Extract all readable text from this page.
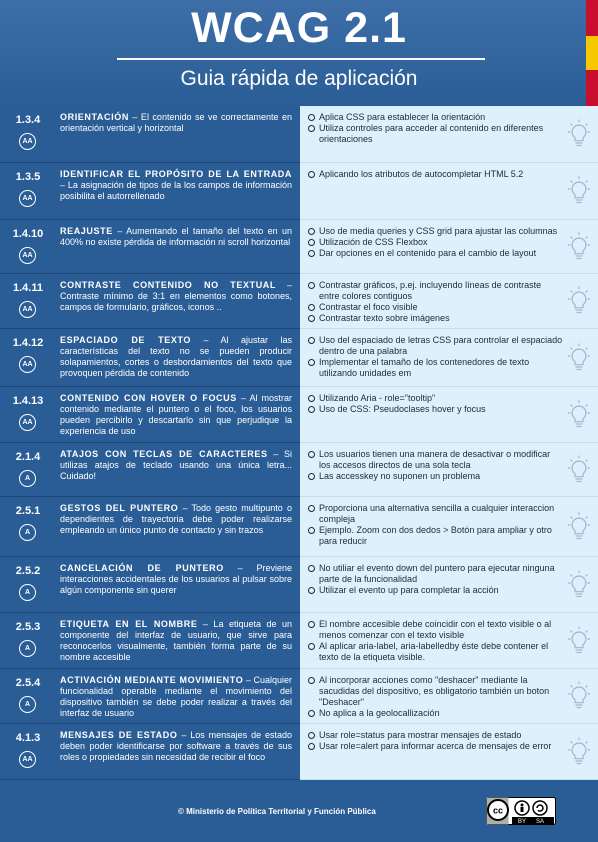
WCAG 2.1
Guia rápida de aplicación
1.3.4
AA
ORIENTACIÓN – El contenido se ve correctamente en orientación vertical y horizontal
Aplica CSS para establecer la orientación
Utiliza controles para acceder al contenido en diferentes orientaciones
1.3.5
AA
IDENTIFICAR EL PROPÓSITO DE LA ENTRADA – La asignación de tipos de la los campos de información posibilita el autorrellenado
Aplicando los atributos de autocompletar HTML 5.2
1.4.10
AA
REAJUSTE – Aumentando el tamaño del texto en un 400% no existe pérdida de información ni scroll horizontal
Uso de media queries y CSS grid para ajustar las columnas
Utilización de CSS Flexbox
Dar opciones en el contenido para el cambio de layout
1.4.11
AA
CONTRASTE CONTENIDO NO TEXTUAL – Contraste mínimo de 3:1 en elementos como botones, campos de formulario, gráficos, iconos ..
Contrastar gráficos, p.ej. incluyendo líneas de contraste entre colores contiguos
Contrastar el foco visible
Contrastar texto sobre imágenes
1.4.12
AA
ESPACIADO DE TEXTO – Al ajustar las características del texto no se pueden producir solapamientos, cortes o desbordamientos del texto que provoquen pérdida de contenido
Uso del espaciado de letras CSS para controlar el espaciado dentro de una palabra
Implementar el tamaño de los contenedores de texto utilizando unidades em
1.4.13
AA
CONTENIDO CON HOVER O FOCUS – Al mostrar contenido mediante el puntero o el foco, los usuarios pueden percibirlo y descartarlo sin que perjudique la experiencia de uso
Utilizando Aria - role="tooltip"
Uso de CSS: Pseudoclases hover y focus
2.1.4
A
ATAJOS CON TECLAS DE CARACTERES – Si utilizas atajos de teclado usando una única letra... Cuidado!
Los usuarios tienen una manera de desactivar o modificar los accesos directos de una sola tecla
Las accesskey no suponen un problema
2.5.1
A
GESTOS DEL PUNTERO – Todo gesto multipunto o dependientes de trayectoria debe poder realizarse empleando un único punto de contacto y sin trazos
Proporciona una alternativa sencilla a cualquier interaccion compleja
Ejemplo. Zoom con dos dedos > Botón para ampliar y otro para reducir
2.5.2
A
CANCELACIÓN DE PUNTERO – Previene interacciones accidentales de los usuarios al pulsar sobre algún componente sin querer
No utiliar el evento down del puntero para ejecutar ninguna parte de la funcionalidad
Utilizar el evento up para completar la acción
2.5.3
A
ETIQUETA EN EL NOMBRE – La etiqueta de un componente del interfaz de usuario, que sirve para reconocerlos visualmente, también forma parte de su nombre accesible
El nombre accesible debe coincidir con el texto visible o al menos comenzar con el texto visible
Al aplicar aria-label, aria-labelledby éste debe contener el texto de la etiqueta visible.
2.5.4
A
ACTIVACIÓN MEDIANTE MOVIMIENTO – Cualquier funcionalidad operable mediante el movimiento del dispositivo también se debe poder realizar a través del interfaz de usuario
Al incorporar acciones como "deshacer" mediante la sacudidas del dispositivo, es obligatorio también un boton "Deshacer"
No aplica a la geolocallización
4.1.3
AA
MENSAJES DE ESTADO – Los mensajes de estado deben poder identificarse por software a través de sus roles o propiedades sin necesidad de recibir el foco
Usar role=status para mostrar mensajes de estado
Usar role=alert para informar acerca de mensajes de error
© Ministerio de Política Territorial y Función Pública	cc
BY SA
